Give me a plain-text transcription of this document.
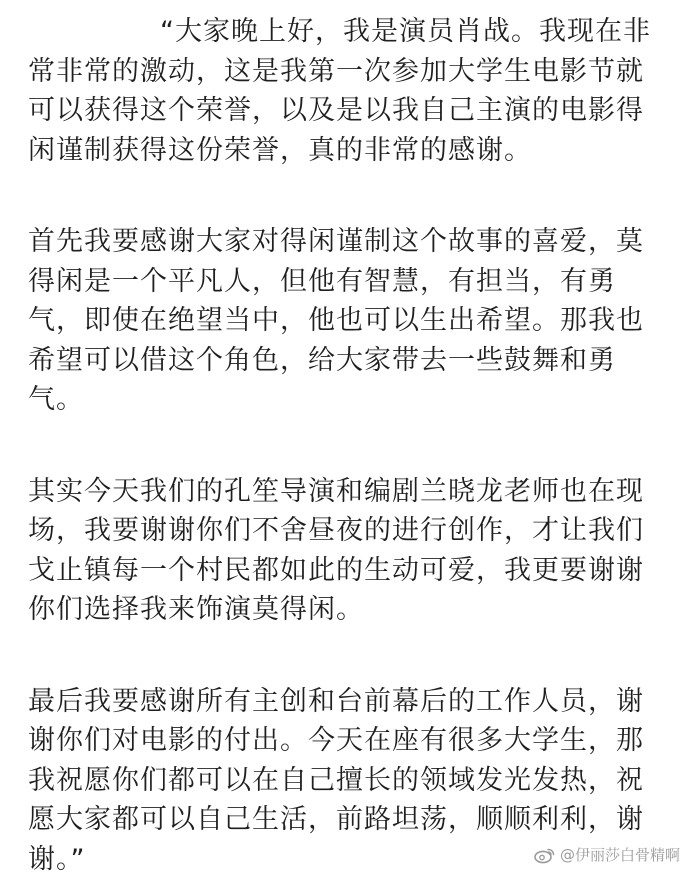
“大家晚上好，我是演员肖战。我现在非
常非常的激动，这是我第一次参加大学生电影节就
可以获得这个荣誉，以及是以我自己主演的电影得
闲谨制获得这份荣誉，真的非常的感谢。

首先我要感谢大家对得闲谨制这个故事的喜爱，莫
得闲是一个平凡人，但他有智慧，有担当，有勇
气，即使在绝望当中，他也可以生出希望。那我也
希望可以借这个角色，给大家带去一些鼓舞和勇
气。

其实今天我们的孔笙导演和编剧兰晓龙老师也在现
场，我要谢谢你们不舍昼夜的进行创作，才让我们
戈止镇每一个村民都如此的生动可爱，我更要谢谢
你们选择我来饰演莫得闲。

最后我要感谢所有主创和台前幕后的工作人员，谢
谢你们对电影的付出。今天在座有很多大学生，那
我祝愿你们都可以在自己擅长的领域发光发热，祝
愿大家都可以自己生活，前路坦荡，顺顺利利，谢
谢。”	@伊丽莎白骨精啊
